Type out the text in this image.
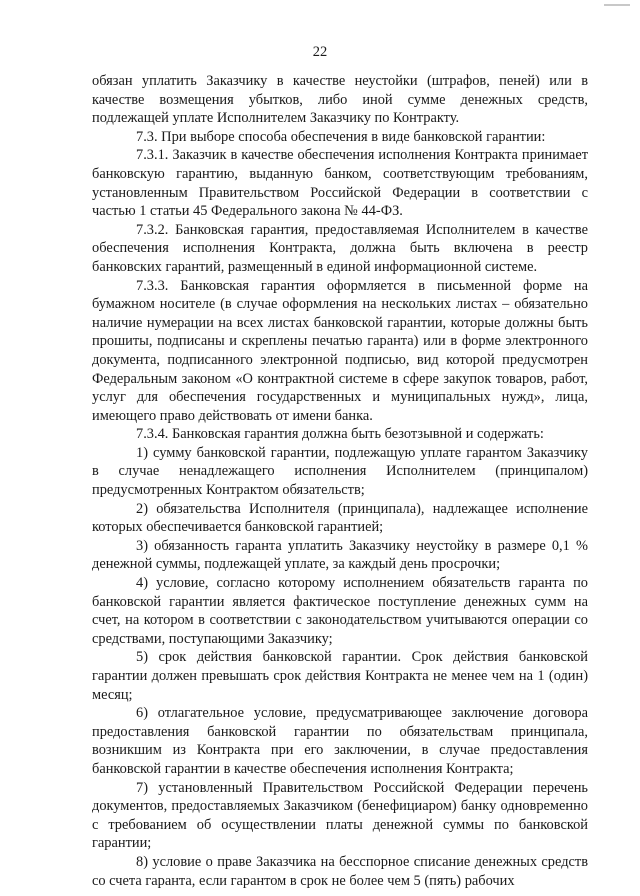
22

обязан уплатить Заказчику в качестве неустойки (штрафов, пеней) или в качестве возмещения убытков, либо иной сумме денежных средств, подлежащей уплате Исполнителем Заказчику по Контракту.

7.3. При выборе способа обеспечения в виде банковской гарантии:

7.3.1. Заказчик в качестве обеспечения исполнения Контракта принимает банковскую гарантию, выданную банком, соответствующим требованиям, установленным Правительством Российской Федерации в соответствии с частью 1 статьи 45 Федерального закона № 44-ФЗ.

7.3.2. Банковская гарантия, предоставляемая Исполнителем в качестве обеспечения исполнения Контракта, должна быть включена в реестр банковских гарантий, размещенный в единой информационной системе.

7.3.3. Банковская гарантия оформляется в письменной форме на бумажном носителе (в случае оформления на нескольких листах – обязательно наличие нумерации на всех листах банковской гарантии, которые должны быть прошиты, подписаны и скреплены печатью гаранта) или в форме электронного документа, подписанного электронной подписью, вид которой предусмотрен Федеральным законом «О контрактной системе в сфере закупок товаров, работ, услуг для обеспечения государственных и муниципальных нужд», лица, имеющего право действовать от имени банка.

7.3.4. Банковская гарантия должна быть безотзывной и содержать:

1) сумму банковской гарантии, подлежащую уплате гарантом Заказчику в случае ненадлежащего исполнения Исполнителем (принципалом) предусмотренных Контрактом обязательств;

2) обязательства Исполнителя (принципала), надлежащее исполнение которых обеспечивается банковской гарантией;

3) обязанность гаранта уплатить Заказчику неустойку в размере 0,1 % денежной суммы, подлежащей уплате, за каждый день просрочки;

4) условие, согласно которому исполнением обязательств гаранта по банковской гарантии является фактическое поступление денежных сумм на счет, на котором в соответствии с законодательством учитываются операции со средствами, поступающими Заказчику;

5) срок действия банковской гарантии. Срок действия банковской гарантии должен превышать срок действия Контракта не менее чем на 1 (один) месяц;

6) отлагательное условие, предусматривающее заключение договора предоставления банковской гарантии по обязательствам принципала, возникшим из Контракта при его заключении, в случае предоставления банковской гарантии в качестве обеспечения исполнения Контракта;

7) установленный Правительством Российской Федерации перечень документов, предоставляемых Заказчиком (бенефициаром) банку одновременно с требованием об осуществлении платы денежной суммы по банковской гарантии;

8) условие о праве Заказчика на бесспорное списание денежных средств со счета гаранта, если гарантом в срок не более чем 5 (пять) рабочих
